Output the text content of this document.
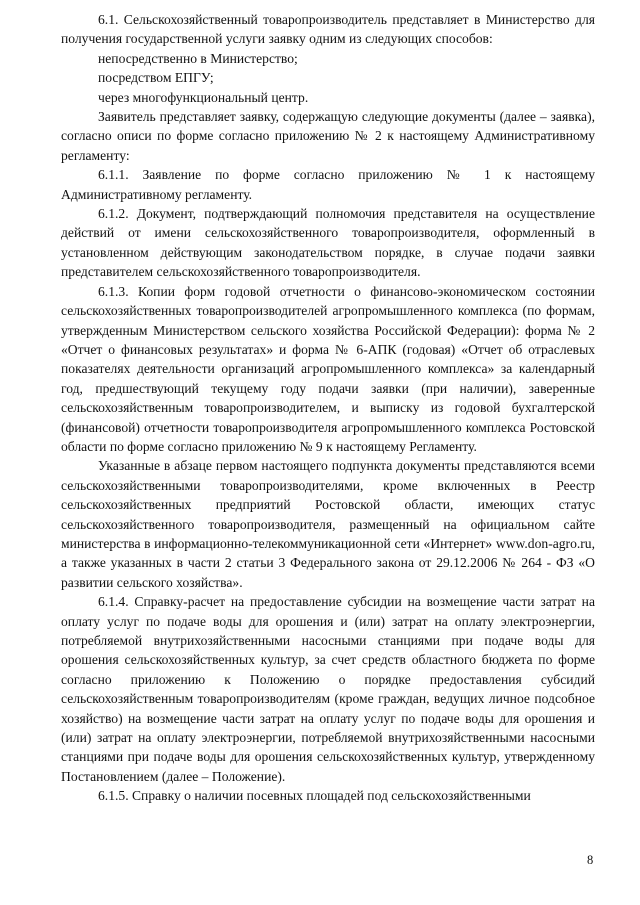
6.1. Сельскохозяйственный товаропроизводитель представляет в Министерство для получения государственной услуги заявку одним из следующих способов:

непосредственно в Министерство;

посредством ЕПГУ;

через многофункциональный центр.

Заявитель представляет заявку, содержащую следующие документы (далее – заявка), согласно описи по форме согласно приложению № 2 к настоящему Административному регламенту:

6.1.1. Заявление по форме согласно приложению № 1 к настоящему Административному регламенту.

6.1.2. Документ, подтверждающий полномочия представителя на осуществление действий от имени сельскохозяйственного товаропроизводителя, оформленный в установленном действующим законодательством порядке, в случае подачи заявки представителем сельскохозяйственного товаропроизводителя.

6.1.3. Копии форм годовой отчетности о финансово-экономическом состоянии сельскохозяйственных товаропроизводителей агропромышленного комплекса (по формам, утвержденным Министерством сельского хозяйства Российской Федерации): форма № 2 «Отчет о финансовых результатах» и форма № 6-АПК (годовая) «Отчет об отраслевых показателях деятельности организаций агропромышленного комплекса» за календарный год, предшествующий текущему году подачи заявки (при наличии), заверенные сельскохозяйственным товаропроизводителем, и выписку из годовой бухгалтерской (финансовой) отчетности товаропроизводителя агропромышленного комплекса Ростовской области по форме согласно приложению № 9 к настоящему Регламенту.

Указанные в абзаце первом настоящего подпункта документы представляются всеми сельскохозяйственными товаропроизводителями, кроме включенных в Реестр сельскохозяйственных предприятий Ростовской области, имеющих статус сельскохозяйственного товаропроизводителя, размещенный на официальном сайте министерства в информационно-телекоммуникационной сети «Интернет» www.don-agro.ru, а также указанных в части 2 статьи 3 Федерального закона от 29.12.2006 № 264 - ФЗ «О развитии сельского хозяйства».

6.1.4. Справку-расчет на предоставление субсидии на возмещение части затрат на оплату услуг по подаче воды для орошения и (или) затрат на оплату электроэнергии, потребляемой внутрихозяйственными насосными станциями при подаче воды для орошения сельскохозяйственных культур, за счет средств областного бюджета по форме согласно приложению к Положению о порядке предоставления субсидий сельскохозяйственным товаропроизводителям (кроме граждан, ведущих личное подсобное хозяйство) на возмещение части затрат на оплату услуг по подаче воды для орошения и (или) затрат на оплату электроэнергии, потребляемой внутрихозяйственными насосными станциями при подаче воды для орошения сельскохозяйственных культур, утвержденному Постановлением (далее – Положение).

6.1.5. Справку о наличии посевных площадей под сельскохозяйственными

8
